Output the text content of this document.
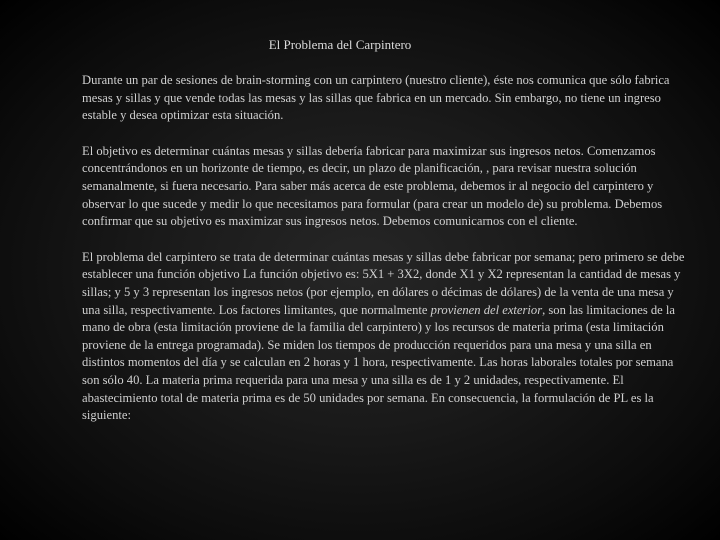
El Problema del Carpintero

Durante un par de sesiones de brain-storming con un carpintero (nuestro cliente), éste nos comunica que sólo fabrica mesas y sillas y que vende todas las mesas y las sillas que fabrica en un mercado. Sin embargo, no tiene un ingreso estable y desea optimizar esta situación.

El objetivo es determinar cuántas mesas y sillas debería fabricar para maximizar sus ingresos netos. Comenzamos concentrándonos en un horizonte de tiempo, es decir, un plazo de planificación, , para revisar nuestra solución semanalmente, si fuera necesario. Para saber más acerca de este problema, debemos ir al negocio del carpintero y observar lo que sucede y medir lo que necesitamos para formular (para crear un modelo de) su problema. Debemos confirmar que su objetivo es maximizar sus ingresos netos. Debemos comunicarnos con el cliente.

El problema del carpintero se trata de determinar cuántas mesas y sillas debe fabricar por semana; pero primero se debe establecer una función objetivo La función objetivo es: 5X1 + 3X2, donde X1 y X2 representan la cantidad de mesas y sillas; y 5 y 3 representan los ingresos netos (por ejemplo, en dólares o décimas de dólares) de la venta de una mesa y una silla, respectivamente. Los factores limitantes, que normalmente provienen del exterior, son las limitaciones de la mano de obra (esta limitación proviene de la familia del carpintero) y los recursos de materia prima (esta limitación proviene de la entrega programada). Se miden los tiempos de producción requeridos para una mesa y una silla en distintos momentos del día y se calculan en 2 horas y 1 hora, respectivamente. Las horas laborales totales por semana son sólo 40. La materia prima requerida para una mesa y una silla es de 1 y 2 unidades, respectivamente. El abastecimiento total de materia prima es de 50 unidades por semana. En consecuencia, la formulación de PL es la siguiente:
